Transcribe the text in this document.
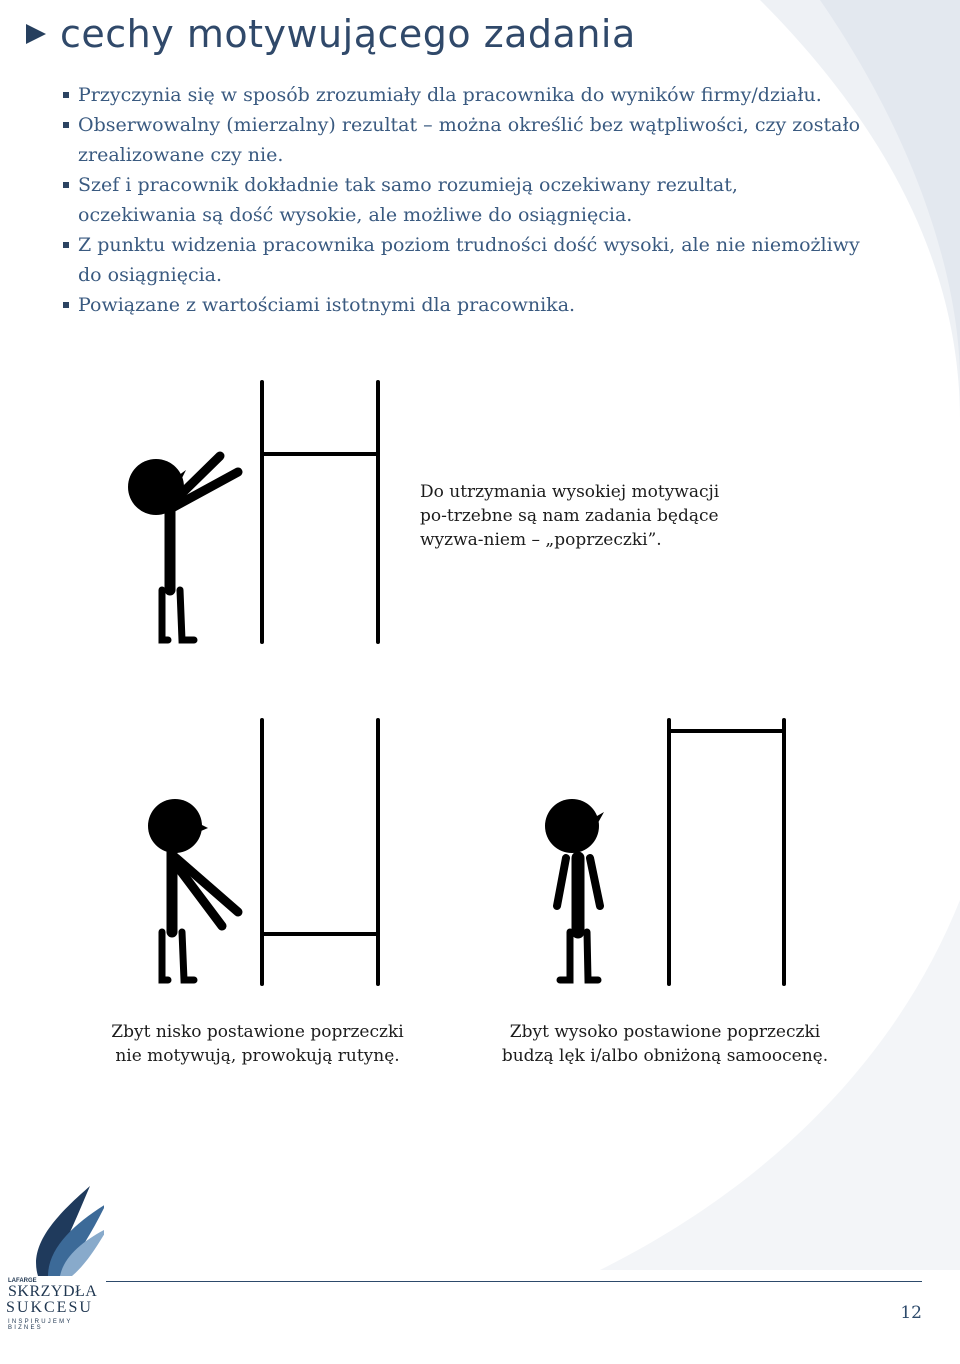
cechy motywującego zadania
Przyczynia się w sposób zrozumiały dla pracownika do wyników firmy/działu.
Obserwowalny (mierzalny) rezultat – można określić bez wątpliwości, czy zostało zrealizowane czy nie.
Szef i pracownik dokładnie tak samo rozumieją oczekiwany rezultat, oczekiwania są dość wysokie, ale możliwe do osiągnięcia.
Z punktu widzenia pracownika poziom trudności dość wysoki, ale nie niemożliwy do osiągnięcia.
Powiązane z wartościami istotnymi dla pracownika.
Do utrzymania wysokiej motywacji po-trzebne są nam zadania będące wyzwa-niem – „poprzeczki”.
Zbyt nisko postawione poprzeczki nie motywują, prowokują rutynę.
Zbyt wysoko postawione poprzeczki budzą lęk i/albo obniżoną samoocenę.
LAFARGE
SKRZYDŁA
SUKCESU
INSPIRUJEMY BIZNES
12
